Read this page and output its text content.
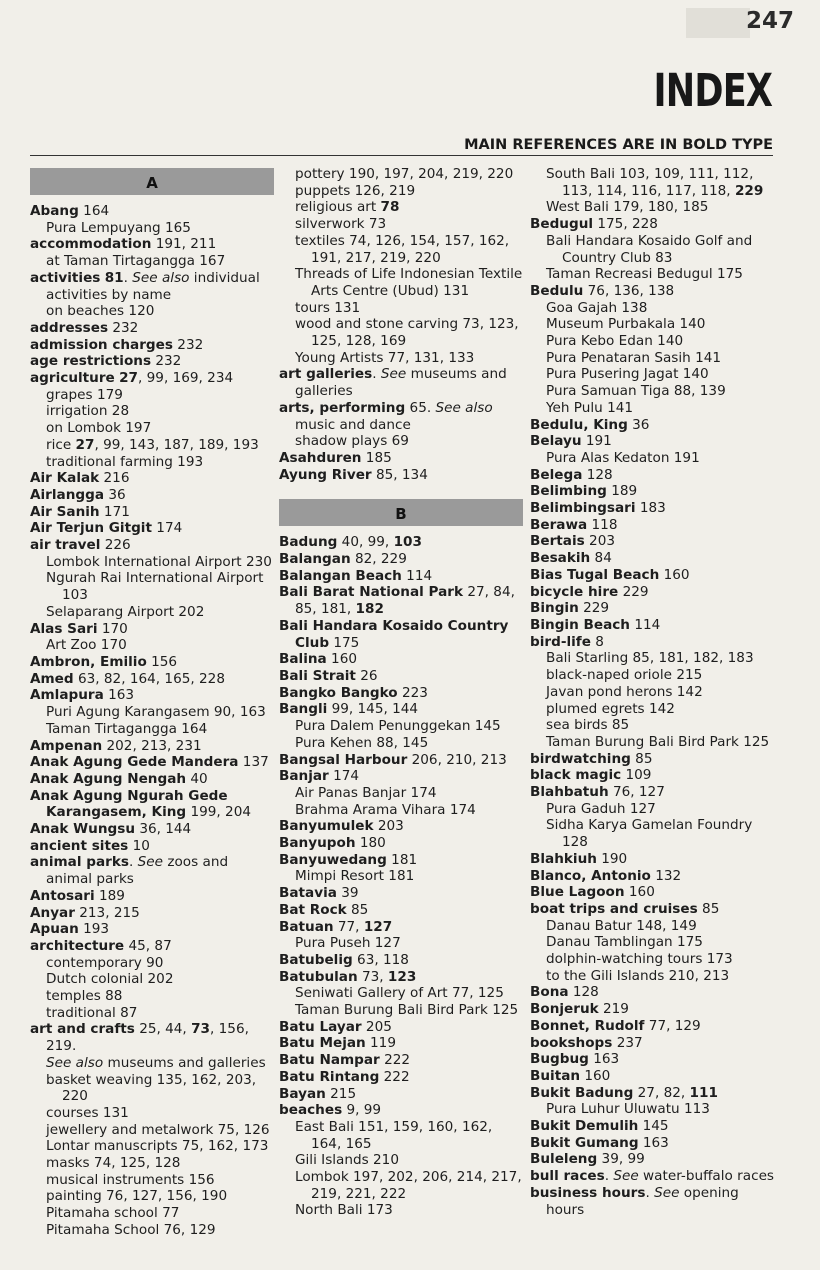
247
INDEX
MAIN REFERENCES ARE IN BOLD TYPE
A
Abang 164
Pura Lempuyang 165
accommodation 191, 211
at Taman Tirtagangga 167
activities 81. See also individual activities by name
on beaches 120
addresses 232
admission charges 232
age restrictions 232
agriculture 27, 99, 169, 234
grapes 179
irrigation 28
on Lombok 197
rice 27, 99, 143, 187, 189, 193
traditional farming 193
Air Kalak 216
Airlangga 36
Air Sanih 171
Air Terjun Gitgit 174
air travel 226
Lombok International Airport 230
Ngurah Rai International Airport 103
Selaparang Airport 202
Alas Sari 170
Art Zoo 170
Ambron, Emilio 156
Amed 63, 82, 164, 165, 228
Amlapura 163
Puri Agung Karangasem 90, 163
Taman Tirtagangga 164
Ampenan 202, 213, 231
Anak Agung Gede Mandera 137
Anak Agung Nengah 40
Anak Agung Ngurah Gede Karangasem, King 199, 204
Anak Wungsu 36, 144
ancient sites 10
animal parks. See zoos and animal parks
Antosari 189
Anyar 213, 215
Apuan 193
architecture 45, 87
contemporary 90
Dutch colonial 202
temples 88
traditional 87
art and crafts 25, 44, 73, 156, 219.
See also museums and galleries
basket weaving 135, 162, 203, 220
courses 131
jewellery and metalwork 75, 126
Lontar manuscripts 75, 162, 173
masks 74, 125, 128
musical instruments 156
painting 76, 127, 156, 190
Pitamaha school 77
Pitamaha School 76, 129
pottery 190, 197, 204, 219, 220
puppets 126, 219
religious art 78
silverwork 73
textiles 74, 126, 154, 157, 162, 191, 217, 219, 220
Threads of Life Indonesian Textile Arts Centre (Ubud) 131
tours 131
wood and stone carving 73, 123, 125, 128, 169
Young Artists 77, 131, 133
art galleries. See museums and galleries
arts, performing 65. See also music and dance
shadow plays 69
Asahduren 185
Ayung River 85, 134
B
Badung 40, 99, 103
Balangan 82, 229
Balangan Beach 114
Bali Barat National Park 27, 84, 85, 181, 182
Bali Handara Kosaido Country Club 175
Balina 160
Bali Strait 26
Bangko Bangko 223
Bangli 99, 145, 144
Pura Dalem Penunggekan 145
Pura Kehen 88, 145
Bangsal Harbour 206, 210, 213
Banjar 174
Air Panas Banjar 174
Brahma Arama Vihara 174
Banyumulek 203
Banyupoh 180
Banyuwedang 181
Mimpi Resort 181
Batavia 39
Bat Rock 85
Batuan 77, 127
Pura Puseh 127
Batubelig 63, 118
Batubulan 73, 123
Seniwati Gallery of Art 77, 125
Taman Burung Bali Bird Park 125
Batu Layar 205
Batu Mejan 119
Batu Nampar 222
Batu Rintang 222
Bayan 215
beaches 9, 99
East Bali 151, 159, 160, 162, 164, 165
Gili Islands 210
Lombok 197, 202, 206, 214, 217, 219, 221, 222
North Bali 173
South Bali 103, 109, 111, 112, 113, 114, 116, 117, 118, 229
West Bali 179, 180, 185
Bedugul 175, 228
Bali Handara Kosaido Golf and Country Club 83
Taman Recreasi Bedugul 175
Bedulu 76, 136, 138
Goa Gajah 138
Museum Purbakala 140
Pura Kebo Edan 140
Pura Penataran Sasih 141
Pura Pusering Jagat 140
Pura Samuan Tiga 88, 139
Yeh Pulu 141
Bedulu, King 36
Belayu 191
Pura Alas Kedaton 191
Belega 128
Belimbing 189
Belimbingsari 183
Berawa 118
Bertais 203
Besakih 84
Bias Tugal Beach 160
bicycle hire 229
Bingin 229
Bingin Beach 114
bird-life 8
Bali Starling 85, 181, 182, 183
black-naped oriole 215
Javan pond herons 142
plumed egrets 142
sea birds 85
Taman Burung Bali Bird Park 125
birdwatching 85
black magic 109
Blahbatuh 76, 127
Pura Gaduh 127
Sidha Karya Gamelan Foundry 128
Blahkiuh 190
Blanco, Antonio 132
Blue Lagoon 160
boat trips and cruises 85
Danau Batur 148, 149
Danau Tamblingan 175
dolphin-watching tours 173
to the Gili Islands 210, 213
Bona 128
Bonjeruk 219
Bonnet, Rudolf 77, 129
bookshops 237
Bugbug 163
Buitan 160
Bukit Badung 27, 82, 111
Pura Luhur Uluwatu 113
Bukit Demulih 145
Bukit Gumang 163
Buleleng 39, 99
bull races. See water-buffalo races
business hours. See opening hours
